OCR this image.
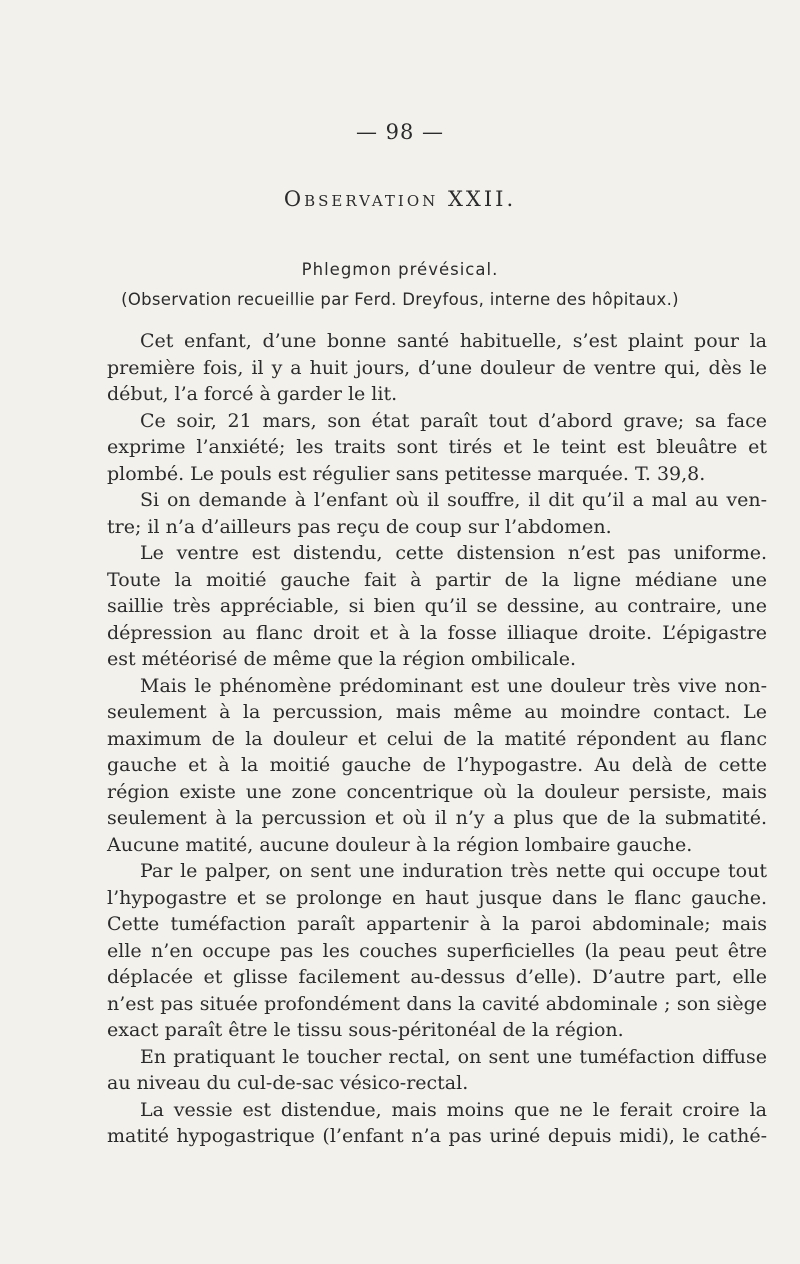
— 98 —
Observation XXII.
Phlegmon prévésical.
(Observation recueillie par Ferd. Dreyfous, interne des hôpitaux.)
Cet enfant, d’une bonne santé habituelle, s’est plaint pour la
première fois, il y a huit jours, d’une douleur de ventre qui, dès le
début, l’a forcé à garder le lit.
Ce soir, 21 mars, son état paraît tout d’abord grave; sa face
exprime l’anxiété; les traits sont tirés et le teint est bleuâtre et
plombé. Le pouls est régulier sans petitesse marquée. T. 39,8.
Si on demande à l’enfant où il souffre, il dit qu’il a mal au ven-
tre; il n’a d’ailleurs pas reçu de coup sur l’abdomen.
Le ventre est distendu, cette distension n’est pas uniforme.
Toute la moitié gauche fait à partir de la ligne médiane une
saillie très appréciable, si bien qu’il se dessine, au contraire, une
dépression au flanc droit et à la fosse illiaque droite. L’épigastre
est météorisé de même que la région ombilicale.
Mais le phénomène prédominant est une douleur très vive non-
seulement à la percussion, mais même au moindre contact. Le
maximum de la douleur et celui de la matité répondent au flanc
gauche et à la moitié gauche de l’hypogastre. Au delà de cette
région existe une zone concentrique où la douleur persiste, mais
seulement à la percussion et où il n’y a plus que de la submatité.
Aucune matité, aucune douleur à la région lombaire gauche.
Par le palper, on sent une induration très nette qui occupe tout
l’hypogastre et se prolonge en haut jusque dans le flanc gauche.
Cette tuméfaction paraît appartenir à la paroi abdominale; mais
elle n’en occupe pas les couches superficielles (la peau peut être
déplacée et glisse facilement au-dessus d’elle). D’autre part, elle
n’est pas située profondément dans la cavité abdominale ; son siège
exact paraît être le tissu sous-péritonéal de la région.
En pratiquant le toucher rectal, on sent une tuméfaction diffuse
au niveau du cul-de-sac vésico-rectal.
La vessie est distendue, mais moins que ne le ferait croire la
matité hypogastrique (l’enfant n’a pas uriné depuis midi), le cathé-
